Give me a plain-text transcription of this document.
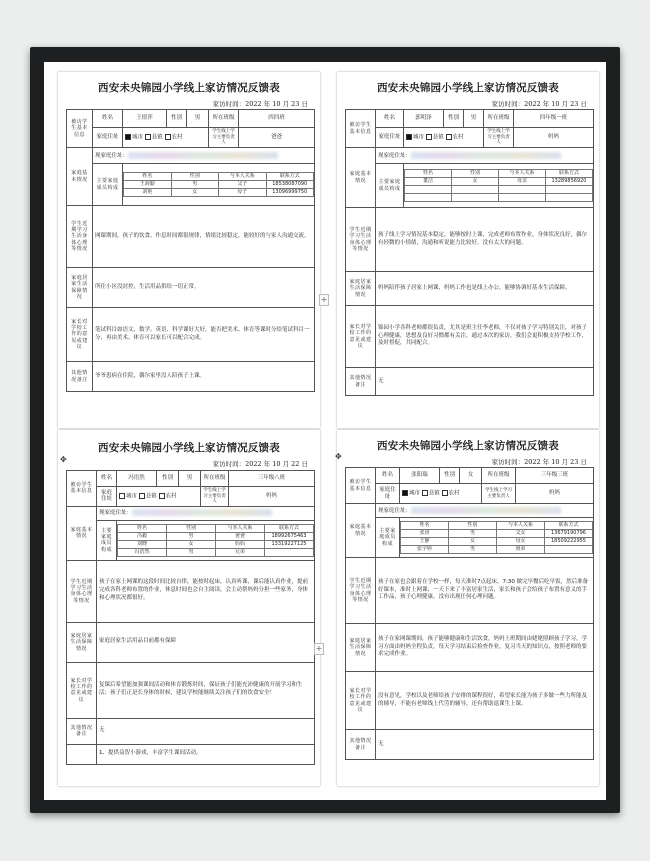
西安未央锦园小学线上家访情况反馈表
家访时间：2022 年 10 月 23 日
被访学生基本信息	姓名	王煜萍	性别	男	所在班级	四四班
家庭住址	城市 县镇 农村	学生线上学习主要负责人	爸爸
家庭基本情况	现家庭住址：
主要家庭成员构成	
姓名	性别	与本人关系	联系方式
王海勤	男	父子	18538087090
刘艳	女	母子	13096999750

学生近期学习生活身体心理等情况	网课期间，孩子的饮食、作息时间都很规律，情绪比较稳定，能较好的与家人沟通交流。
家庭居家生活保障情况	所住小区没封控，生活用品供给一切正常。
家长对学校工作的意见或建议	笔试科目如语文、数学、英语、科学课好大好，能否把美术、体育等课时分给笔试科目一分，再由美术、体育可以家长可以配合完成。
其他情况备注	爷爷患病在住院，偶尔家里没人陪孩子上课。
西安未央锦园小学线上家访情况反馈表
家访时间：2022 年 10 月 23 日
被访学生基本信息	姓名	郭明泽	性别	男	所在班级	四年级一班
家庭住址	城市 县镇 农村	学生线上学习主要负责人	妈妈
家庭基本情况	现家庭住址：
主要家庭成员构成	
姓名	性别	与本人关系	联系方式
董洁	女	母亲	13289856920

学生近期学习生活身体心理等情况	孩子线上学习情况基本稳定，能够按时上课，完成老师布置作业，身体状况良好，偶尔有轻微的小情绪，沟通和听说能力比较好，没有太大的问题。
家庭居家生活保障情况	妈妈陪伴孩子居家上网课，妈妈工作也是线上办公，能够协调好基本生活保障。
家长对学校工作的意见或建议	锦园小学各科老师都很负责，尤其是班主任李老师，不仅对孩子学习特别关注，对孩子心理健康，思想及良好习惯都有关注，通过本次的家访，我们会更积极支持学校工作，及时督促，共同配合。
其他情况备注	无
西安未央锦园小学线上家访情况反馈表
家访时间：2022 年 10 月 22 日
被访学生基本信息	姓名	冯语然	性别	男	所在班级	三年级八班
家庭住址	城市 县镇 农村	学生线上学习主要负责人	妈妈
家庭基本情况	现家庭住址：
主要家庭成员构成	
姓名	性别	与本人关系	联系方式
冯毅	男	爸爸	18992675463
刘晓	女	妈妈	13319227125
冯浩然	男	兄弟	

学生近期学习生活身体心理等情况	孩子在家上网课的这段时间比较自律，能按时起床，认真听课，课后能认真作业，提前完成各科老师布置的作业，休息时间也会自主阅读，会主动帮妈妈分担一些家务，身体和心理状况都很好。
家庭居家生活保障情况	家庭居家生活用品目前都有保障
家长对学校工作的意见或建议	复课后希望能加强课间活动和体育锻炼时间，保证孩子们能充沛健康的开展学习和生活；孩子们正是长身体的时候，建议学校能继续关注孩子们的饮食安全！
其他情况备注	无
	1、提供益智小游戏，丰富学生课间活动。
西安未央锦园小学线上家访情况反馈表
家访时间：2022 年 10 月 23 日
被访学生基本信息	姓名	张阳瑞	性别	女	所在班级	三年级三班
家庭住址	城市 县镇 农村	学生线上学习主要负责人	妈妈
家庭基本情况	现家庭住址：
主要家庭成员构成	
姓名	性别	与本人关系	联系方式
张涛	男	父女	13679190796
王静	女	母女	18509222955
张宇婷	男	姐弟	

学生近期学习生活身体心理等情况	孩子在家也会跟着在学校一样，每天准时7点起床，7:30 做完早餐后吃早饭，然后准备好课本，准时上网课；一天下来了丰富居家生活，家长和孩子会给孩子布置有意义的手工作品，孩子心理健康，没有出现任何心理问题。
家庭居家生活保障情况	孩子在家网课期间，孩子能够健康和生活饮食，妈妈上班期间由姥姥照顾孩子学习，学习方面由妈妈全程负责，每天学习结束后检查作业，复习当天的知识点，按照老师的要求完成作业。
家长对学校工作的意见或建议	没有意见，学校以及老师给孩子安排的课程很好，希望家长能为孩子多做一些力所能及的辅导，不能有老师线上代劳的辅导，还有帮助退课生上课。
其他情况备注	无
✥	✥
+
+
